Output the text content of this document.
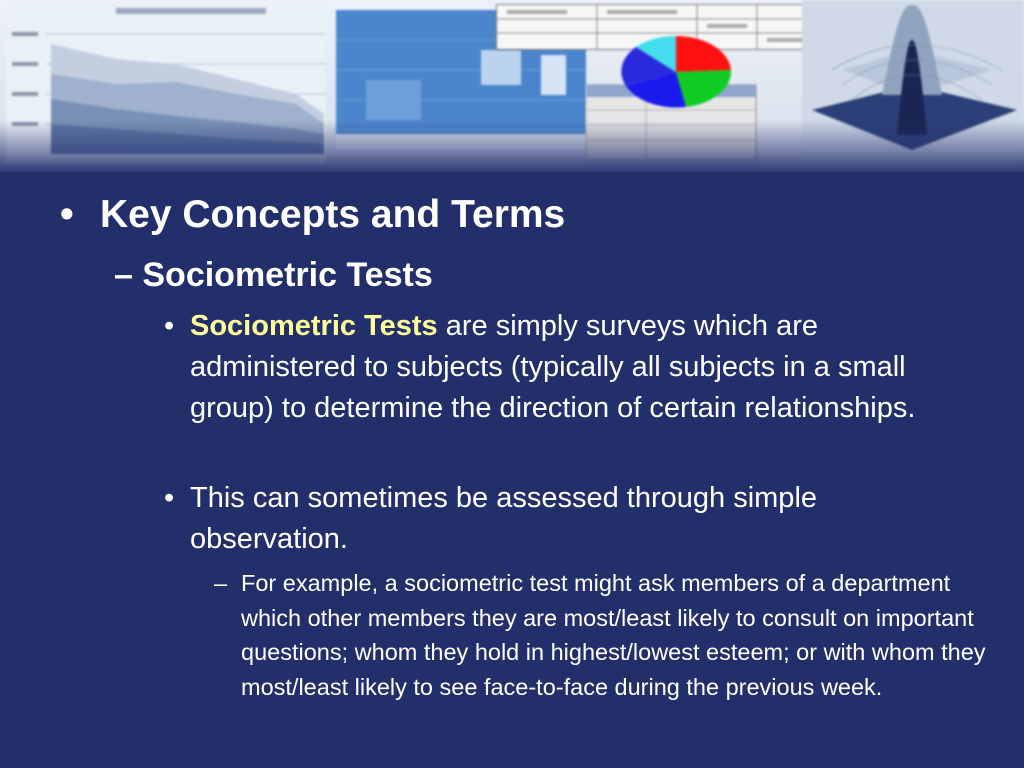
• Key Concepts and Terms
– Sociometric Tests
• Sociometric Tests are simply surveys which are administered to subjects (typically all subjects in a small group) to determine the direction of certain relationships.
• This can sometimes be assessed through simple observation.
– For example, a sociometric test might ask members of a department which other members they are most/least likely to consult on important questions; whom they hold in highest/lowest esteem; or with whom they most/least likely to see face-to-face during the previous week.
